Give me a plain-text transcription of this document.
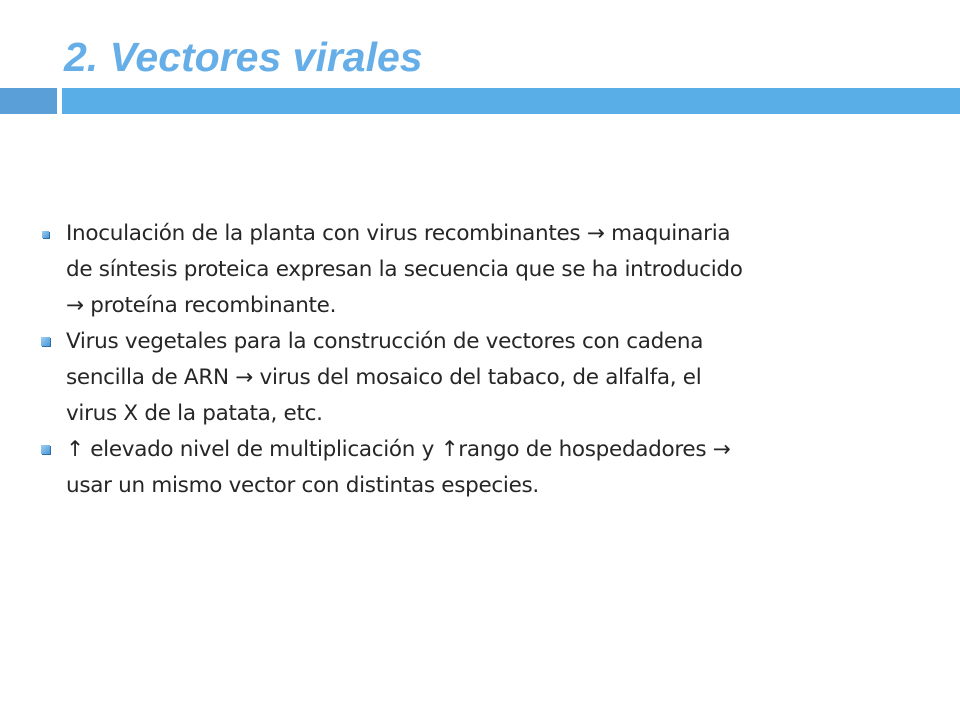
2. Vectores virales
Inoculación de la planta con virus recombinantes → maquinaria
de síntesis proteica expresan la secuencia que se ha introducido
→ proteína recombinante.
Virus vegetales para la construcción de vectores con cadena
sencilla de ARN → virus del mosaico del tabaco, de alfalfa, el
virus X de la patata, etc.
↑ elevado nivel de multiplicación y ↑rango de hospedadores →
usar un mismo vector con distintas especies.
